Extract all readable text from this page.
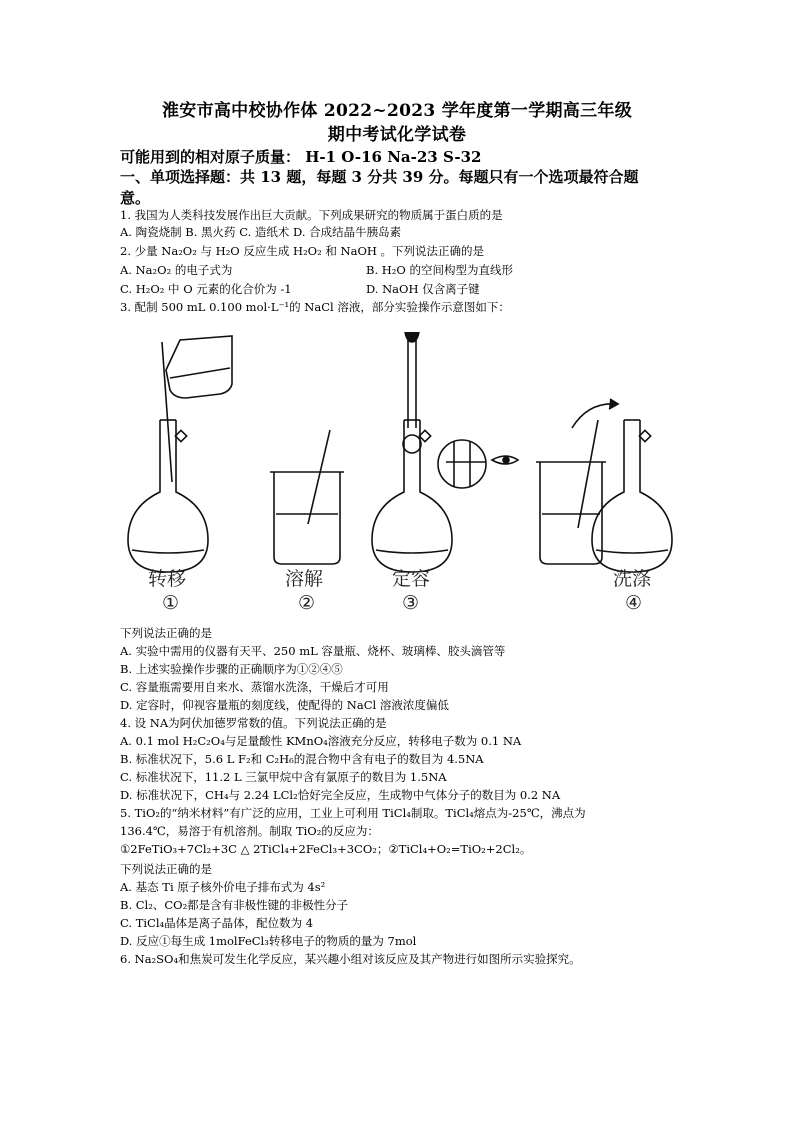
淮安市高中校协作体 2022~2023 学年度第一学期高三年级
期中考试化学试卷
可能用到的相对原子质量： H-1 O-16 Na-23 S-32
一、单项选择题：共 13 题，每题 3 分共 39 分。每题只有一个选项最符合题
意。
1. 我国为人类科技发展作出巨大贡献。下列成果研究的物质属于蛋白质的是
A. 陶瓷烧制 B. 黑火药 C. 造纸术 D. 合成结晶牛胰岛素
2. 少量 Na₂O₂ 与 H₂O 反应生成 H₂O₂ 和 NaOH 。下列说法正确的是
A. Na₂O₂ 的电子式为	B. H₂O 的空间构型为直线形
C. H₂O₂ 中 O 元素的化合价为 -1	D. NaOH 仅含离子键
3. 配制 500 mL 0.100 mol·L⁻¹的 NaCl 溶液，部分实验操作示意图如下：
转移	溶解	定容	洗涤
①	②	③	④
下列说法正确的是
A. 实验中需用的仪器有天平、250 mL 容量瓶、烧杯、玻璃棒、胶头滴管等
B. 上述实验操作步骤的正确顺序为①②④⑤
C. 容量瓶需要用自来水、蒸馏水洗涤，干燥后才可用
D. 定容时，仰视容量瓶的刻度线，使配得的 NaCl 溶液浓度偏低
4. 设 NA为阿伏加德罗常数的值。下列说法正确的是
A. 0.1 mol H₂C₂O₄与足量酸性 KMnO₄溶液充分反应，转移电子数为 0.1 NA
B. 标准状况下，5.6 L F₂和 C₂H₆的混合物中含有电子的数目为 4.5NA
C. 标准状况下，11.2 L 三氯甲烷中含有氯原子的数目为 1.5NA
D. 标准状况下，CH₄与 2.24 LCl₂恰好完全反应，生成物中气体分子的数目为 0.2 NA
5. TiO₂的“纳米材料”有广泛的应用，工业上可利用 TiCl₄制取。TiCl₄熔点为-25℃，沸点为
136.4℃，易溶于有机溶剂。制取 TiO₂的反应为：
①2FeTiO₃+7Cl₂+3C △ 2TiCl₄+2FeCl₃+3CO₂；②TiCl₄+O₂=TiO₂+2Cl₂。
下列说法正确的是
A. 基态 Ti 原子核外价电子排布式为 4s²
B. Cl₂、CO₂都是含有非极性键的非极性分子
C. TiCl₄晶体是离子晶体，配位数为 4
D. 反应①每生成 1molFeCl₃转移电子的物质的量为 7mol
6. Na₂SO₄和焦炭可发生化学反应，某兴趣小组对该反应及其产物进行如图所示实验探究。
